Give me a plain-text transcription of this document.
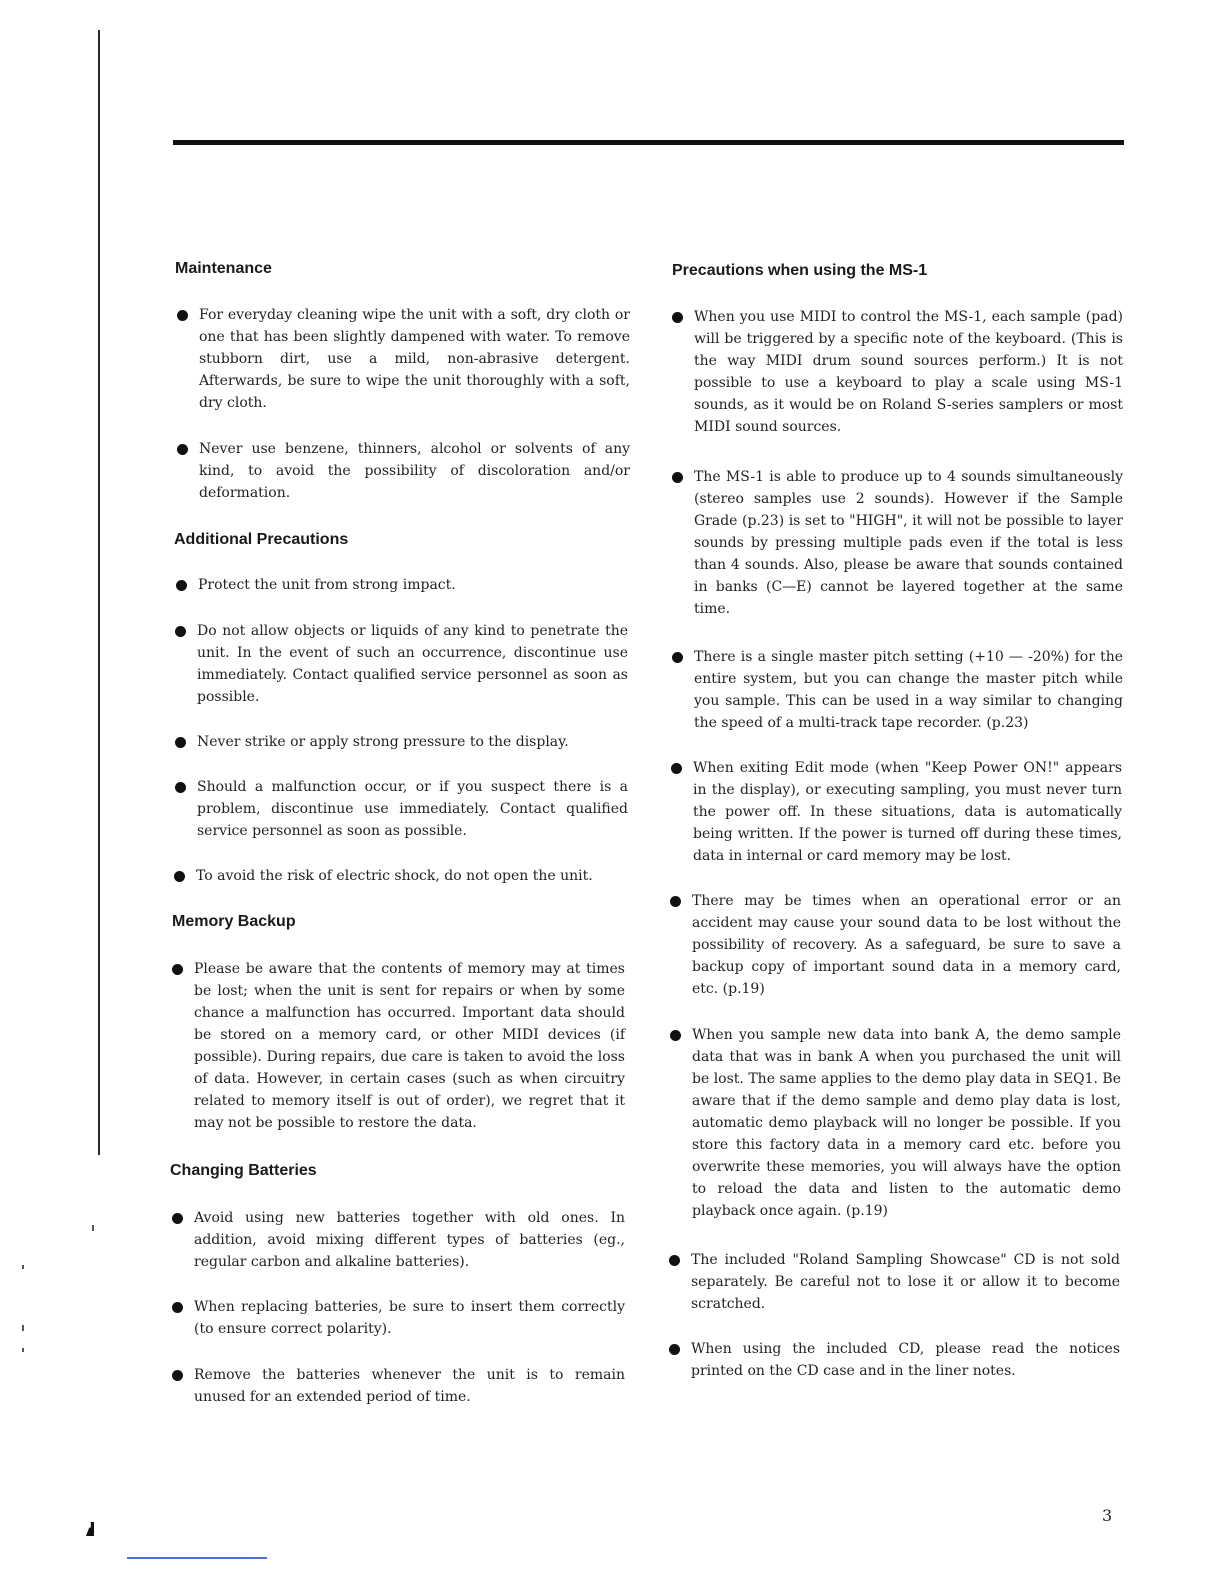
Maintenance
For everyday cleaning wipe the unit with a soft, dry cloth or one that has been slightly dampened with water. To remove stubborn dirt, use a mild, non-abrasive detergent. Afterwards, be sure to wipe the unit thoroughly with a soft, dry cloth.
Never use benzene, thinners, alcohol or solvents of any kind, to avoid the possibility of discoloration and/or deformation.
Additional Precautions
Protect the unit from strong impact.
Do not allow objects or liquids of any kind to penetrate the unit. In the event of such an occurrence, discontinue use immediately. Contact qualified service personnel as soon as possible.
Never strike or apply strong pressure to the display.
Should a malfunction occur, or if you suspect there is a problem, discontinue use immediately. Contact qualified service personnel as soon as possible.
To avoid the risk of electric shock, do not open the unit.
Memory Backup
Please be aware that the contents of memory may at times be lost; when the unit is sent for repairs or when by some chance a malfunction has occurred. Important data should be stored on a memory card, or other MIDI devices (if possible). During repairs, due care is taken to avoid the loss of data. However, in certain cases (such as when circuitry related to memory itself is out of order), we regret that it may not be possible to restore the data.
Changing Batteries
Avoid using new batteries together with old ones. In addition, avoid mixing different types of batteries (eg., regular carbon and alkaline batteries).
When replacing batteries, be sure to insert them correctly (to ensure correct polarity).
Remove the batteries whenever the unit is to remain unused for an extended period of time.
Precautions when using the MS-1
When you use MIDI to control the MS-1, each sample (pad) will be triggered by a specific note of the keyboard. (This is the way MIDI drum sound sources perform.) It is not possible to use a keyboard to play a scale using MS-1 sounds, as it would be on Roland S-series samplers or most MIDI sound sources.
The MS-1 is able to produce up to 4 sounds simultaneously (stereo samples use 2 sounds). However if the Sample Grade (p.23) is set to "HIGH", it will not be possible to layer sounds by pressing multiple pads even if the total is less than 4 sounds. Also, please be aware that sounds contained in banks (C—E) cannot be layered together at the same time.
There is a single master pitch setting (+10 — -20%) for the entire system, but you can change the master pitch while you sample. This can be used in a way similar to changing the speed of a multi-track tape recorder. (p.23)
When exiting Edit mode (when "Keep Power ON!" appears in the display), or executing sampling, you must never turn the power off. In these situations, data is automatically being written. If the power is turned off during these times, data in internal or card memory may be lost.
There may be times when an operational error or an accident may cause your sound data to be lost without the possibility of recovery. As a safeguard, be sure to save a backup copy of important sound data in a memory card, etc. (p.19)
When you sample new data into bank A, the demo sample data that was in bank A when you purchased the unit will be lost. The same applies to the demo play data in SEQ1. Be aware that if the demo sample and demo play data is lost, automatic demo playback will no longer be possible. If you store this factory data in a memory card etc. before you overwrite these memories, you will always have the option to reload the data and listen to the automatic demo playback once again. (p.19)
The included "Roland Sampling Showcase" CD is not sold separately. Be careful not to lose it or allow it to become scratched.
When using the included CD, please read the notices printed on the CD case and in the liner notes.
3
